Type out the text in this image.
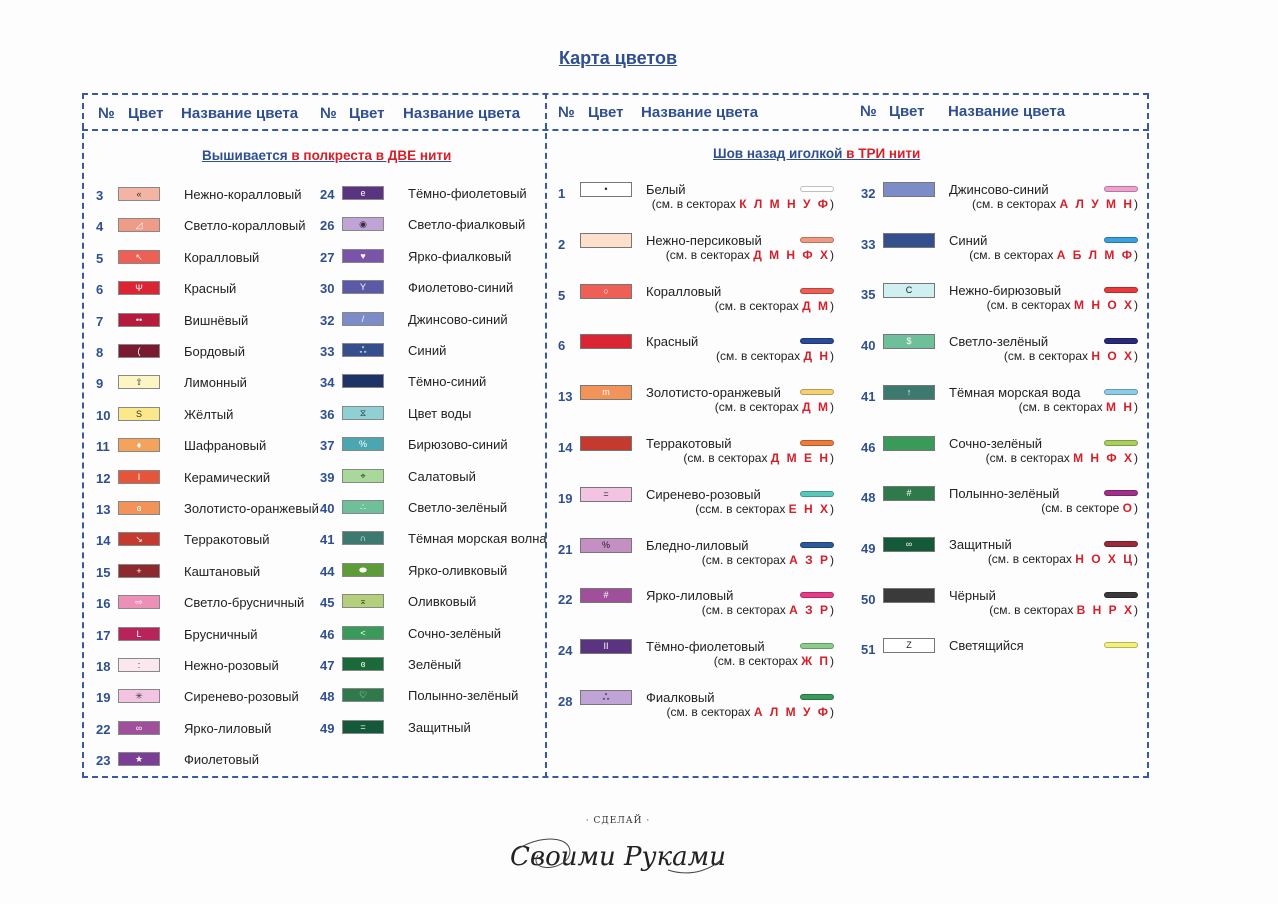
Карта цветов
№ Цвет Название цвета № Цвет Название цвета	№ Цвет Название цвета	№ Цвет Название цвета
Вышивается в полкреста в ДВЕ нити	Шов назад иголкой в ТРИ нити
3	«	Нежно-коралловый
4	◿	Светло-коралловый
5	↖	Коралловый
6	Ψ	Красный
7	••	Вишнёвый
8	(	Бордовый
9	⇧	Лимонный
10	S	Жёлтый
11	♦	Шафрановый
12	I	Керамический
13	ɞ	Золотисто-оранжевый
14	↘	Терракотовый
15	+	Каштановый
16	⇨	Светло-брусничный
17	L	Брусничный
18	:	Нежно-розовый
19	✳	Сиренево-розовый
22	∞	Ярко-лиловый
23	★	Фиолетовый
24	e	Тёмно-фиолетовый
26	◉	Светло-фиалковый
27	♥	Ярко-фиалковый
30	Y	Фиолетово-синий
32	/	Джинсово-синий
33	ஃ	Синий
34	Тёмно-синий
36	⧖	Цвет воды
37	%	Бирюзово-синий
39	⌖	Салатовый
40	∴	Светло-зелёный
41	∩	Тёмная морская волна
44	⬬	Ярко-оливковый
45	⌅	Оливковый
46	<	Сочно-зелёный
47	ɞ	Зелёный
48	♡	Полынно-зелёный
49	=	Защитный
1	•	Белый
(см. в секторах К Л М Н У Ф)
2	Нежно-персиковый
(см. в секторах Д М Н Ф Х)
5	○	Коралловый
(см. в секторах Д М)
6	Красный
(см. в секторах Д Н)
13	m	Золотисто-оранжевый
(см. в секторах Д М)
14	Терракотовый
(см. в секторах Д М Е Н)
19	=	Сиренево-розовый
(ссм. в секторах Е Н Х)
21	%	Бледно-лиловый
(см. в секторах А З Р)
22	#	Ярко-лиловый
(см. в секторах А З Р)
24	II	Тёмно-фиолетовый
(см. в секторах Ж П)
28	ஃ	Фиалковый
(см. в секторах А Л М У Ф)
32	Джинсово-синий
(см. в секторах А Л У М Н)
33	Синий
(см. в секторах А Б Л М Ф)
35	C	Нежно-бирюзовый
(см. в секторах М Н О Х)
40	$	Светло-зелёный
(см. в секторах Н О Х)
41	↑	Тёмная морская вода
(см. в секторах М Н)
46	Сочно-зелёный
(см. в секторах М Н Ф Х)
48	#	Полынно-зелёный
(см. в секторе О)
49	∞	Защитный
(см. в секторах Н О Х Ц)
50	Чёрный
(см. в секторах В Н Р Х)
51	Z	Светящийся
· СДЕЛАЙ ·
Своими Руками
